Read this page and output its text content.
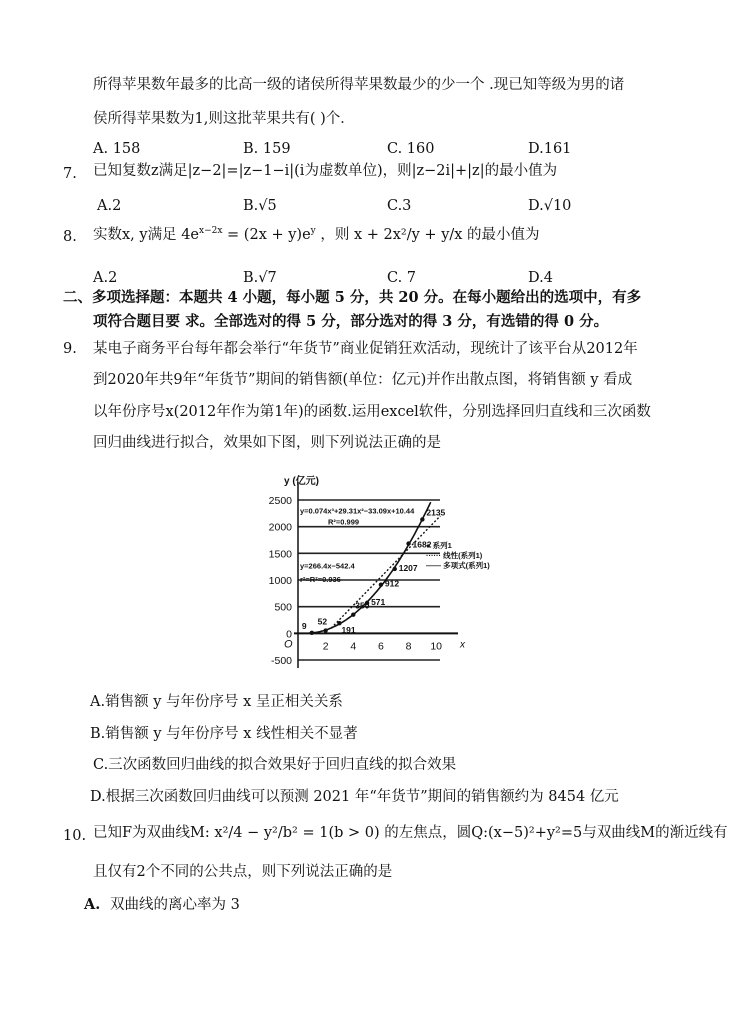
所得苹果数年最多的比高一级的诸侯所得苹果数最少的少一个 .现已知等级为男的诸
侯所得苹果数为1,则这批苹果共有( )个．
A. 158	B. 159	C. 160	D.161
7. 已知复数z满足|z−2|=|z−1−i|(i为虚数单位)，则|z−2i|+|z|的最小值为
A.2	B.√5	C.3	D.√10
8. 实数x, y满足 $4e^{x-2x} = (2x + y)e^y$ ，则 x + 2x²/y + y/x 的最小值为
A.2	B.√7	C. 7	D.4
二、多项选择题：本题共 4 小题，每小题 5 分，共 20 分。在每小题给出的选项中，有多
项符合题目要 求。全部选对的得 5 分，部分选对的得 3 分，有选错的得 0 分。
9. 某电子商务平台每年都会举行“年货节”商业促销狂欢活动，现统计了该平台从2012年
到2020年共9年“年货节”期间的销售额(单位：亿元)并作出散点图，将销售额 y 看成
以年份序号x(2012年作为第1年)的函数.运用excel软件，分别选择回归直线和三次函数
回归曲线进行拟合，效果如下图，则下列说法正确的是
2500
2000
1500
1000
500
0
-500
y (亿元)
x
O	2 4 6 8 10
9 52
191
350 571
912
1207
1682
2135
y=0.074x³+29.31x²−33.09x+10.44
R²=0.999
y=266.4x−542.4
r²=R²=0.936
● 系列1
······ 线性(系列1)
—— 多项式(系列1)
A.销售额 y 与年份序号 x 呈正相关关系
B.销售额 y 与年份序号 x 线性相关不显著
C.三次函数回归曲线的拟合效果好于回归直线的拟合效果
D.根据三次函数回归曲线可以预测 2021 年“年货节”期间的销售额约为 8454 亿元
10. 已知F为双曲线M: x²/4 − y²/b² = 1(b > 0) 的左焦点，圆Q:(x−5)²+y²=5与双曲线M的渐近线有
且仅有2个不同的公共点，则下列说法正确的是
A. 双曲线的离心率为 3
